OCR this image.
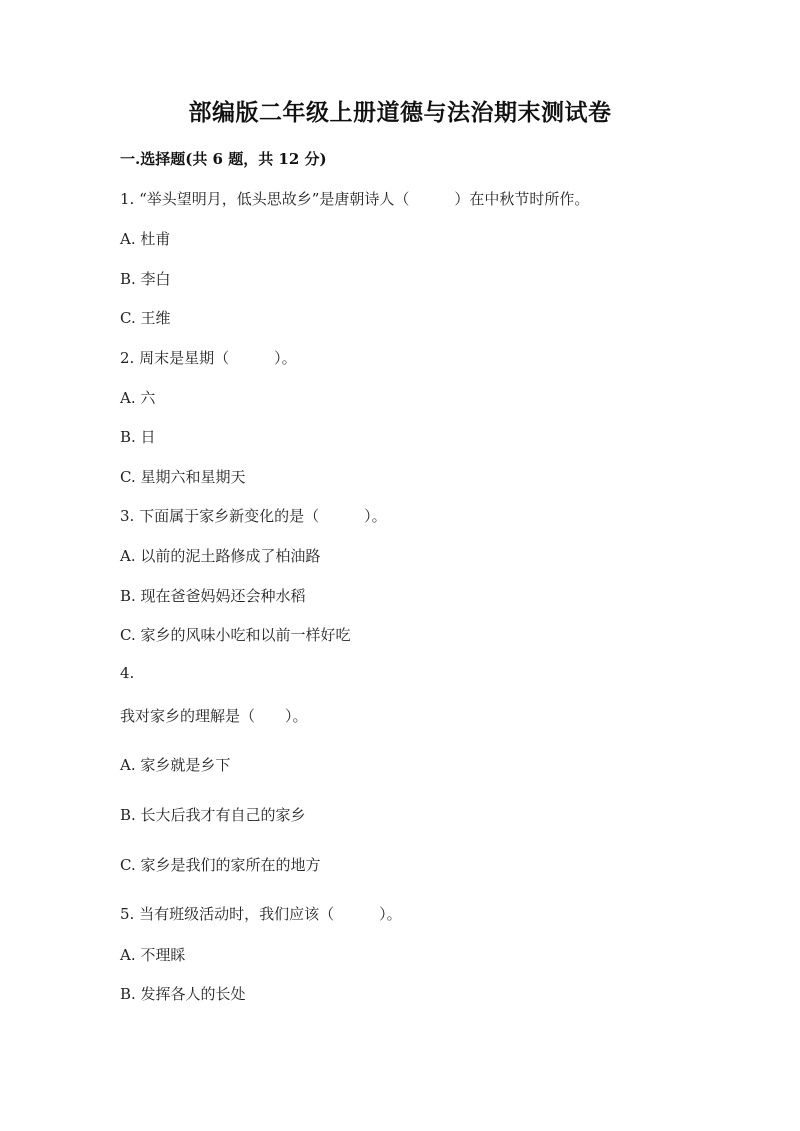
部编版二年级上册道德与法治期末测试卷
一.选择题(共 6 题，共 12 分)
1. “举头望明月，低头思故乡”是唐朝诗人（　　　）在中秋节时所作。
A. 杜甫
B. 李白
C. 王维
2. 周末是星期（　　　）。
A. 六
B. 日
C. 星期六和星期天
3. 下面属于家乡新变化的是（　　　）。
A. 以前的泥土路修成了柏油路
B. 现在爸爸妈妈还会种水稻
C. 家乡的风味小吃和以前一样好吃
4.
我对家乡的理解是（　　）。
A. 家乡就是乡下
B. 长大后我才有自己的家乡
C. 家乡是我们的家所在的地方
5. 当有班级活动时，我们应该（　　　）。
A. 不理睬
B. 发挥各人的长处
